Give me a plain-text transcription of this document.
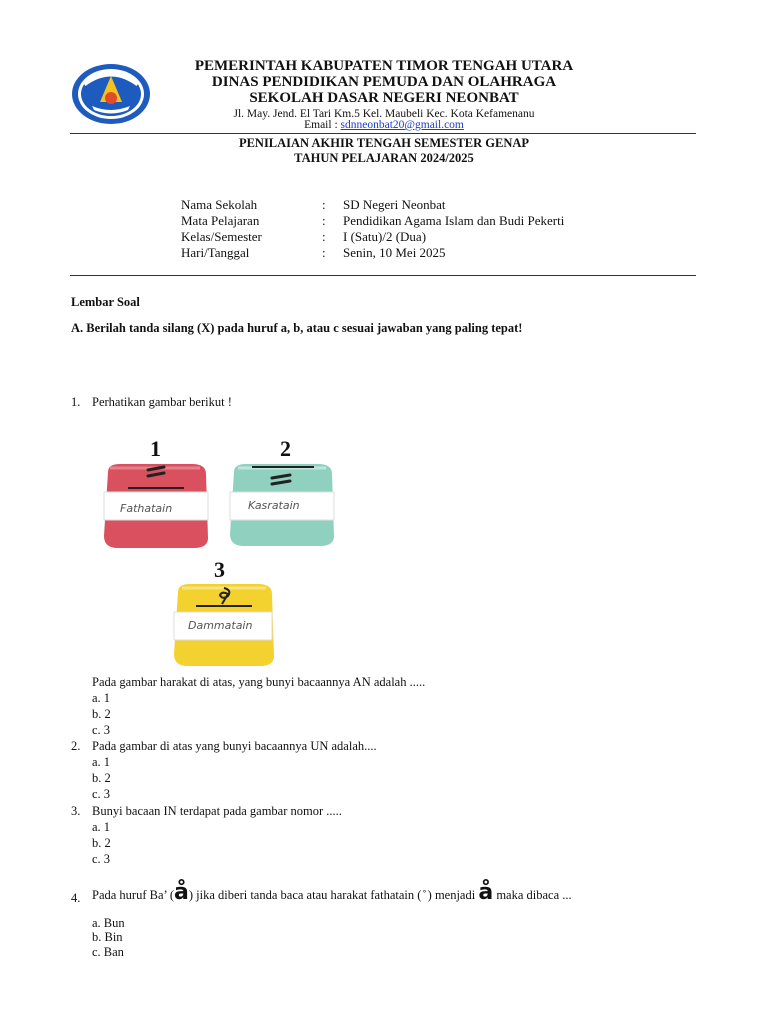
PEMERINTAH KABUPATEN TIMOR TENGAH UTARA
DINAS PENDIDIKAN PEMUDA DAN OLAHRAGA
SEKOLAH DASAR NEGERI NEONBAT
Jl. May. Jend. El Tari Km.5 Kel. Maubeli Kec. Kota Kefamenanu
Email : sdnneonbat20@gmail.com
PENILAIAN AKHIR TENGAH SEMESTER GENAP
TAHUN PELAJARAN 2024/2025
Nama Sekolah	: SD Negeri Neonbat
Mata Pelajaran	: Pendidikan Agama Islam dan Budi Pekerti
Kelas/Semester	: I (Satu)/2 (Dua)
Hari/Tanggal	: Senin, 10 Mei 2025
Lembar Soal
A. Berilah tanda silang (X) pada huruf a, b, atau c sesuai jawaban yang paling tepat!
1. Perhatikan gambar berikut !
1	2
3
Fathatain	Kasratain
Dammatain
Pada gambar harakat di atas, yang bunyi bacaannya AN adalah .....
a. 1
b. 2
c. 3
2. Pada gambar di atas yang bunyi bacaannya UN adalah....
a. 1
b. 2
c. 3
3. Bunyi bacaan IN terdapat pada gambar nomor .....
a. 1
b. 2
c. 3
4. Pada huruf Ba’ (å) jika diberi tanda baca atau harakat fathatain ( ̊ ) menjadi å maka dibaca ...
a. Bun
b. Bin
c. Ban
